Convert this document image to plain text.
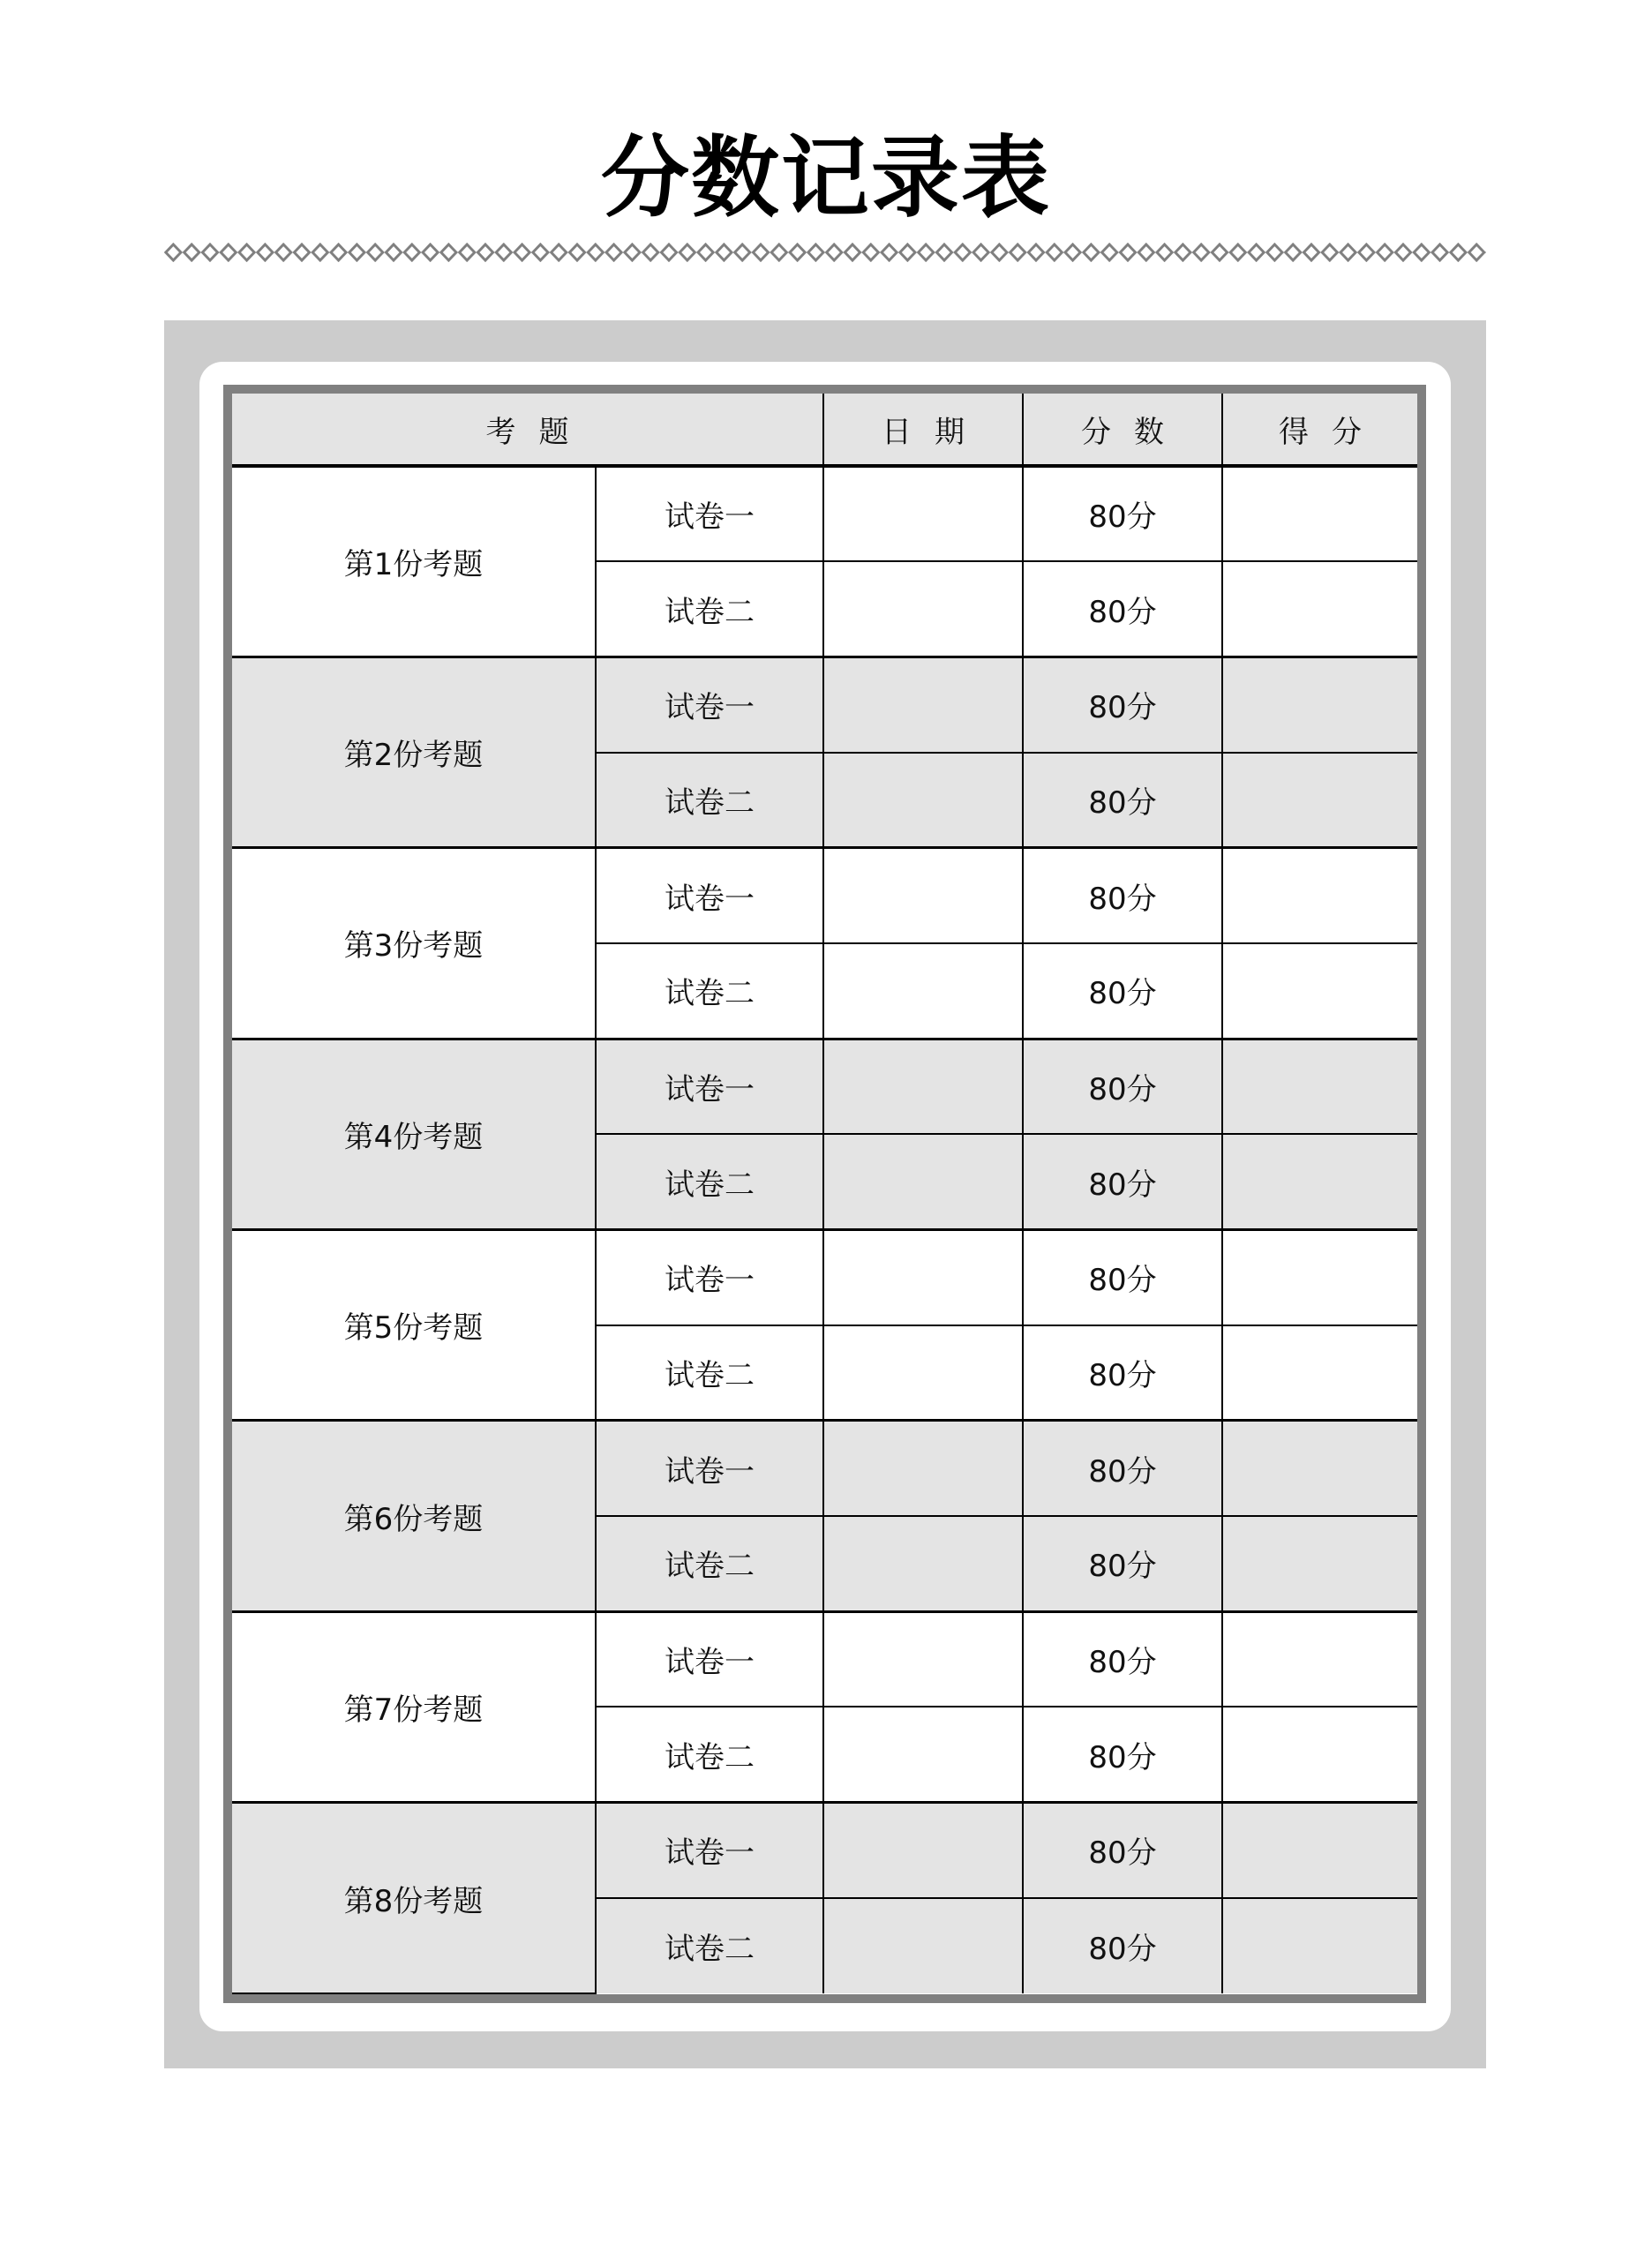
分数记录表
考题		日期	分数	得分
第1份考题	试卷一		80分	
	试卷二		80分	
第2份考题	试卷一		80分	
	试卷二		80分	
第3份考题	试卷一		80分	
	试卷二		80分	
第4份考题	试卷一		80分	
	试卷二		80分	
第5份考题	试卷一		80分	
	试卷二		80分	
第6份考题	试卷一		80分	
	试卷二		80分	
第7份考题	试卷一		80分	
	试卷二		80分	
第8份考题	试卷一		80分	
	试卷二		80分	
